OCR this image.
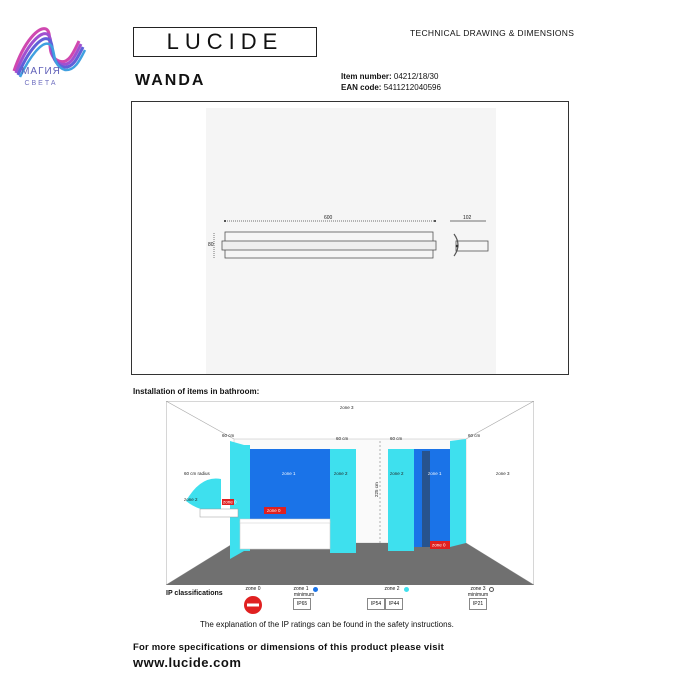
МАГИЯ
СВЕТА
LUCIDE	TECHNICAL DRAWING & DIMENSIONS
WANDA	Item number: 04212/18/30
EAN code: 5411212040596
600
80
102
Installation of items in bathroom:
zone 3
60 cm
60 cm	60 cm
60 cm
60 cm radius
zone 2
zone 1	zone 2	zone 2	zone 1	zone 3
zone 0
zone 0
zone 0
225 cm
IP classifications
zone 0	zone 1
minimum
IP65
zone 2
IP54	IP44
zone 3
minimum
IP21
The explanation of the IP ratings can be found in the safety instructions.
For more specifications or dimensions of this product please visit
www.lucide.com
